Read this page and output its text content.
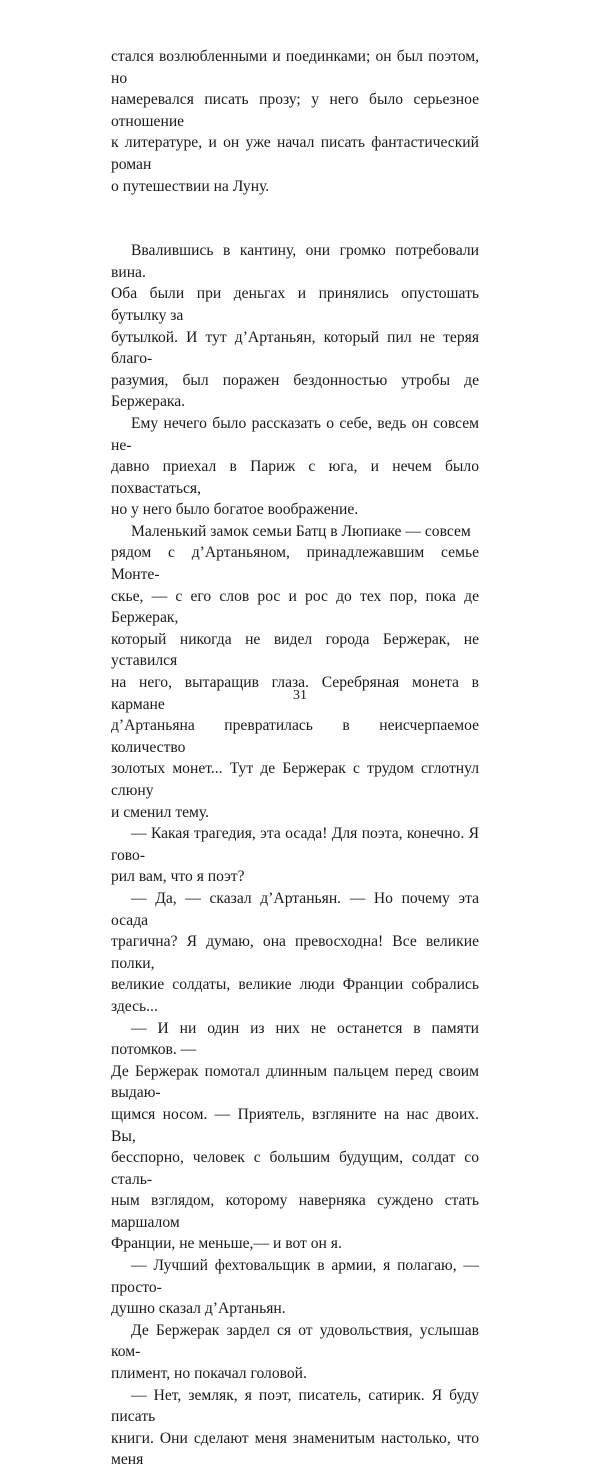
стался возлюбленными и поединками; он был поэтом, но
намеревался писать прозу; у него было серьезное отношение
к литературе, и он уже начал писать фантастический роман
о путешествии на Луну.

Ввалившись в кантину, они громко потребовали вина.
Оба были при деньгах и принялись опустошать бутылку за
бутылкой. И тут д’Артаньян, который пил не теряя благо-
разумия, был поражен бездонностью утробы де Бержерака.

Ему нечего было рассказать о себе, ведь он совсем не-
давно приехал в Париж с юга, и нечем было похвастаться,
но у него было богатое воображение.

Маленький замок семьи Батц в Люпиаке — совсем
рядом с д’Артаньяном, принадлежавшим семье Монте-
скье, — с его слов рос и рос до тех пор, пока де Бержерак,
который никогда не видел города Бержерак, не уставился
на него, вытаращив глаза. Серебряная монета в кармане
д’Артаньяна превратилась в неисчерпаемое количество
золотых монет... Тут де Бержерак с трудом сглотнул слюну
и сменил тему.

— Какая трагедия, эта осада! Для поэта, конечно. Я гово-
рил вам, что я поэт?

— Да, — сказал д’Артаньян. — Но почему эта осада
трагична? Я думаю, она превосходна! Все великие полки,
великие солдаты, великие люди Франции собрались здесь...

— И ни один из них не останется в памяти потомков. —
Де Бержерак помотал длинным пальцем перед своим выдаю-
щимся носом. — Приятель, взгляните на нас двоих. Вы,
бесспорно, человек с большим будущим, солдат со сталь-
ным взглядом, которому наверняка суждено стать маршалом
Франции, не меньше,— и вот он я.

— Лучший фехтовальщик в армии, я полагаю, — просто-
душно сказал д’Артаньян.

Де Бержерак зардел ся от удовольствия, услышав ком-
плимент, но покачал головой.

— Нет, земляк, я поэт, писатель, сатирик. Я буду писать
книги. Они сделают меня знаменитым настолько, что меня

31
